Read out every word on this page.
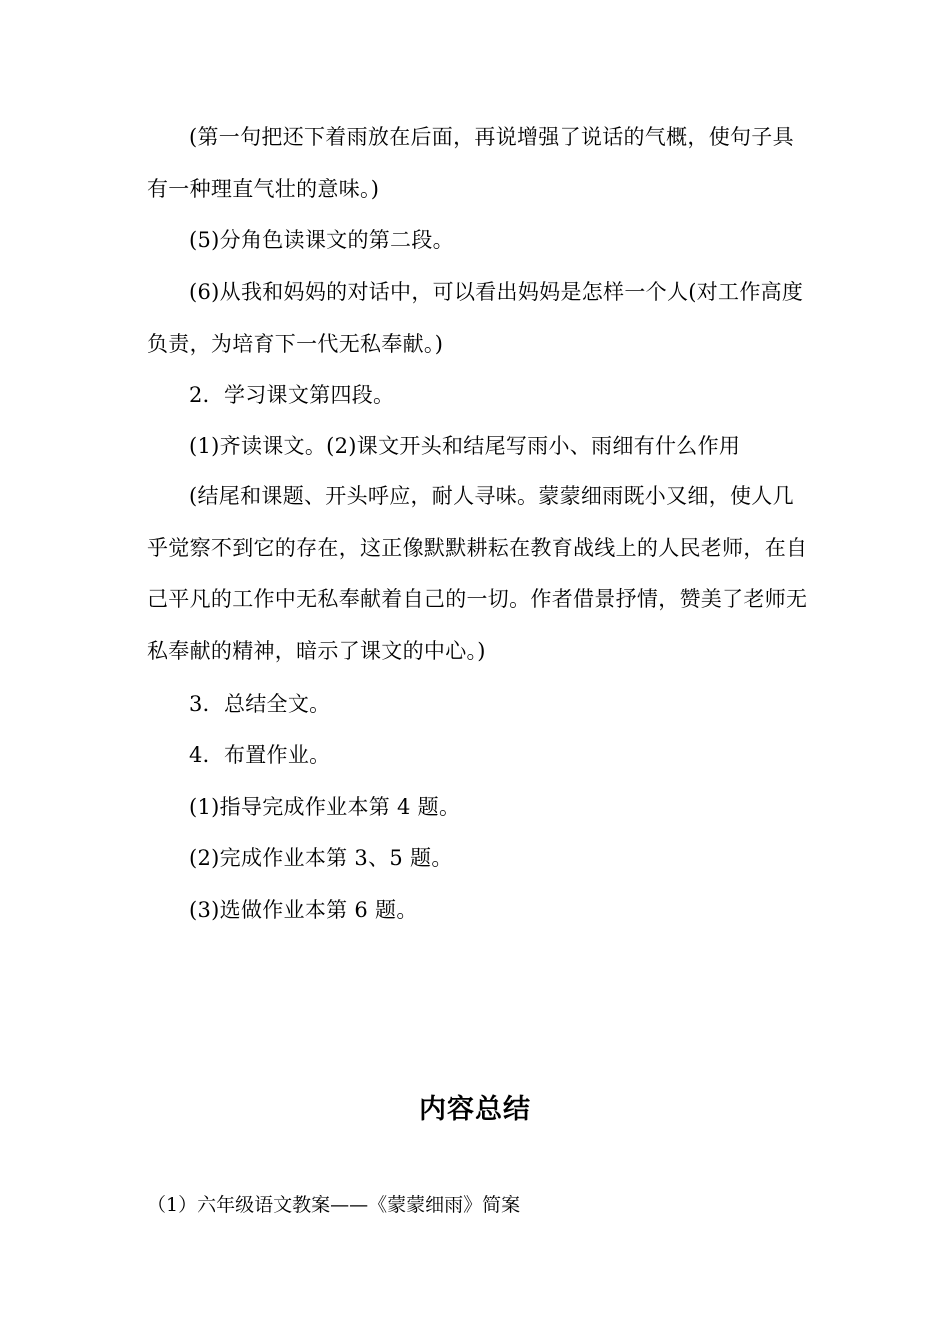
(第一句把还下着雨放在后面，再说增强了说话的气概，使句子具有一种理直气壮的意味。)

(5)分角色读课文的第二段。

(6)从我和妈妈的对话中，可以看出妈妈是怎样一个人(对工作高度负责，为培育下一代无私奉献。)

2．学习课文第四段。

(1)齐读课文。(2)课文开头和结尾写雨小、雨细有什么作用

(结尾和课题、开头呼应，耐人寻味。蒙蒙细雨既小又细，使人几乎觉察不到它的存在，这正像默默耕耘在教育战线上的人民老师，在自己平凡的工作中无私奉献着自己的一切。作者借景抒情，赞美了老师无私奉献的精神，暗示了课文的中心。)

3．总结全文。

4．布置作业。

(1)指导完成作业本第 4 题。

(2)完成作业本第 3、5 题。

(3)选做作业本第 6 题。

内容总结

（1）六年级语文教案——《蒙蒙细雨》简案
